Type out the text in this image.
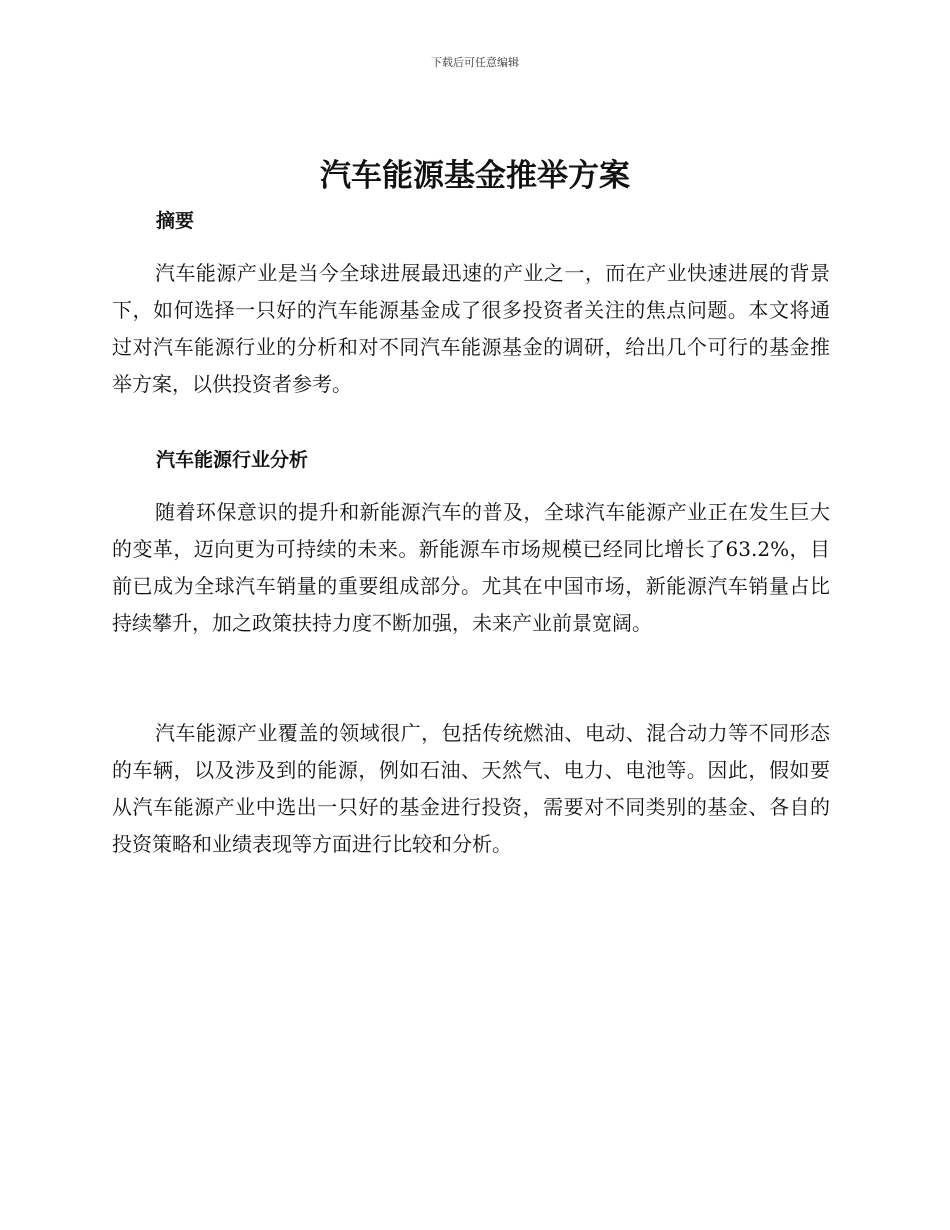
下载后可任意编辑
汽车能源基金推举方案
摘要

汽车能源产业是当今全球进展最迅速的产业之一，而在产业快速进展的背景下，如何选择一只好的汽车能源基金成了很多投资者关注的焦点问题。本文将通过对汽车能源行业的分析和对不同汽车能源基金的调研，给出几个可行的基金推举方案，以供投资者参考。

汽车能源行业分析

随着环保意识的提升和新能源汽车的普及，全球汽车能源产业正在发生巨大的变革，迈向更为可持续的未来。新能源车市场规模已经同比增长了63.2%，目前已成为全球汽车销量的重要组成部分。尤其在中国市场，新能源汽车销量占比持续攀升，加之政策扶持力度不断加强，未来产业前景宽阔。

汽车能源产业覆盖的领域很广，包括传统燃油、电动、混合动力等不同形态的车辆，以及涉及到的能源，例如石油、天然气、电力、电池等。因此，假如要从汽车能源产业中选出一只好的基金进行投资，需要对不同类别的基金、各自的投资策略和业绩表现等方面进行比较和分析。
